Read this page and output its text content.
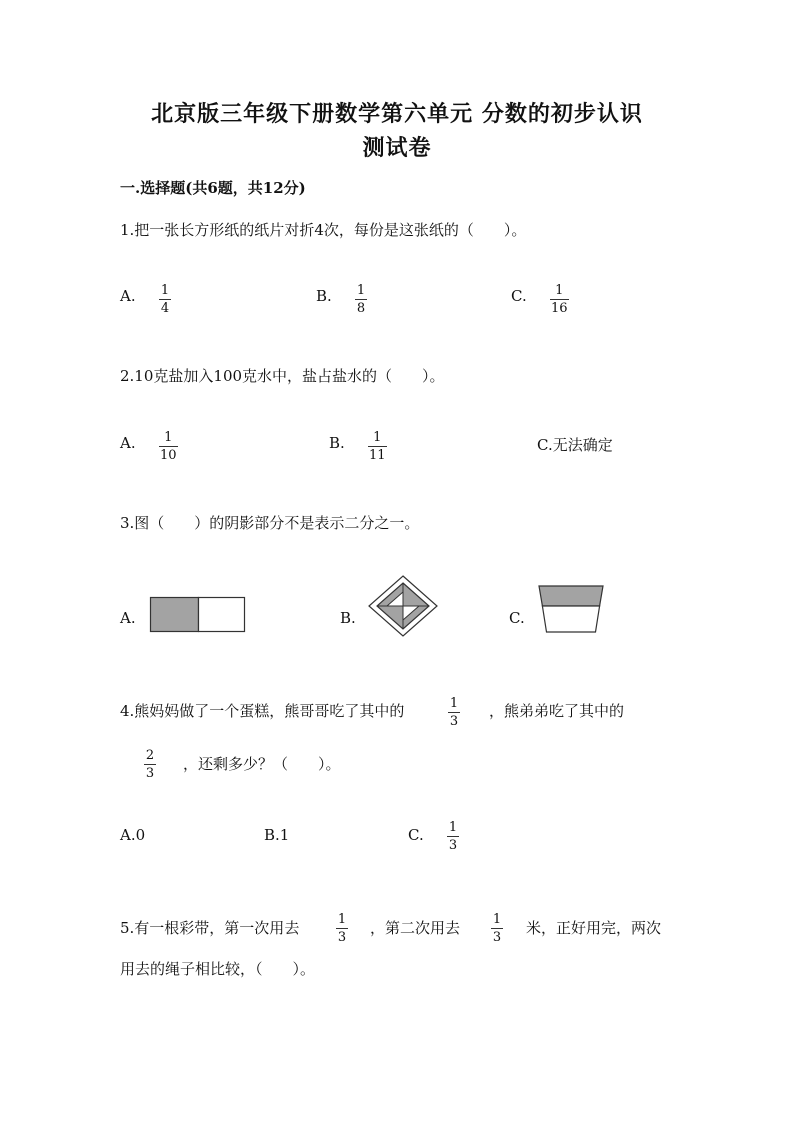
北京版三年级下册数学第六单元 分数的初步认识
测试卷
一.选择题(共6题，共12分)
1.把一张长方形纸的纸片对折4次，每份是这张纸的（　　）。
A. 1
4
B. 1
8
C. 1
16
2.10克盐加入100克水中，盐占盐水的（　　）。
A. 1
10
B. 1
11
C.无法确定
3.图（　　）的阴影部分不是表示二分之一。
A.	B.	C.
4.熊妈妈做了一个蛋糕，熊哥哥吃了其中的	1
3
，熊弟弟吃了其中的
2
3
，还剩多少？（　　）。
A.0	B.1	C. 1
3
5.有一根彩带，第一次用去	1
3
，第二次用去	1
3
米，正好用完，两次
用去的绳子相比较，（　　）。
